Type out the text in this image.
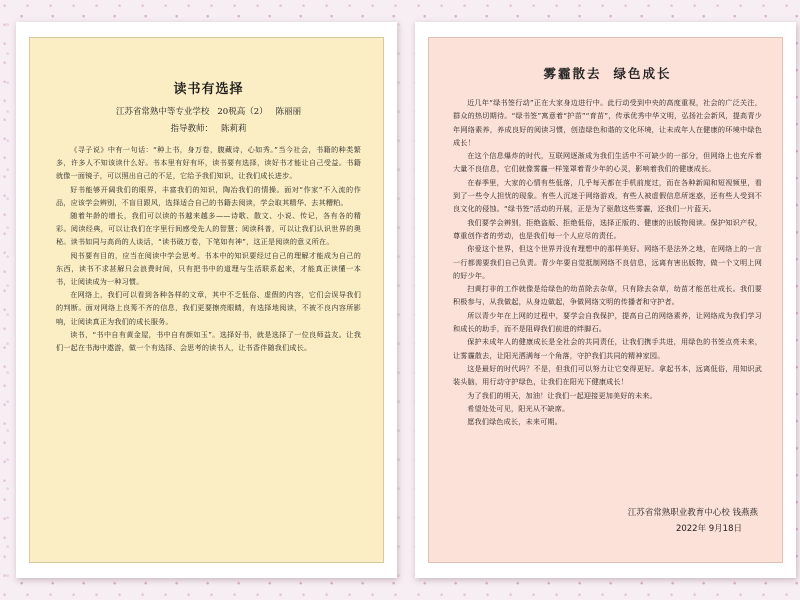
读书有选择
江苏省常熟中等专业学校 20税高（2） 陈丽丽
指导教师： 陈莉莉

《寻子说》中有一句话：“种上书，身万卷，腹藏诗，心如秀。”当今社会，书籍的种类繁多，许多人不知该读什么好。书本里有好有坏，读书要有选择，读好书才能让自己受益。书籍就像一面镜子，可以照出自己的不足，它给予我们知识，让我们成长进步。

好书能够开阔我们的眼界，丰富我们的知识，陶冶我们的情操。面对“作家”不入流的作品，应该学会辨别，不盲目跟风，选择适合自己的书籍去阅读，学会取其精华、去其糟粕。

随着年龄的增长，我们可以读的书越来越多——诗歌、散文、小说、传记，各有各的精彩。阅读经典，可以让我们在字里行间感受先人的智慧；阅读科普，可以让我们认识世界的奥秘。读书如同与高尚的人谈话，“读书破万卷，下笔如有神”，这正是阅读的意义所在。

阅书要有目的，应当在阅读中学会思考。书本中的知识要经过自己的理解才能成为自己的东西，读书不求甚解只会浪费时间，只有把书中的道理与生活联系起来，才能真正读懂一本书，让阅读成为一种习惯。

在网络上，我们可以看到各种各样的文章，其中不乏低俗、虚假的内容，它们会误导我们的判断。面对网络上良莠不齐的信息，我们更要擦亮眼睛，有选择地阅读，不被不良内容所影响，让阅读真正为我们的成长服务。

读书，“书中自有黄金屋，书中自有颜如玉”。选择好书，就是选择了一位良师益友。让我们一起在书海中遨游，做一个有选择、会思考的读书人，让书香伴随我们成长。

雾霾散去 绿色成长

近几年“绿书签行动”正在大家身边进行中。此行动受到中央的高度重视，社会的广泛关注，群众的热切期待。“绿书签”寓意着“护苗”“育苗”，传承优秀中华文明，弘扬社会新风，提高青少年网络素养，养成良好的阅读习惯，创造绿色和谐的文化环境，让未成年人在健康的环境中绿色成长！

在这个信息爆炸的时代，互联网逐渐成为我们生活中不可缺少的一部分，但网络上也充斥着大量不良信息，它们就像雾霾一样笼罩着青少年的心灵，影响着我们的健康成长。

在春季里，大家的心情有些低落，几乎每天都在手机前度过，而在各种新闻和短视频里，看到了一些令人担忧的现象。有些人沉迷于网络游戏，有些人被虚假信息所迷惑，还有些人受到不良文化的侵蚀。“绿书签”活动的开展，正是为了驱散这些雾霾，还我们一片蓝天。

我们要学会辨别，拒绝盗版、拒绝低俗，选择正版的、健康的出版物阅读。保护知识产权，尊重创作者的劳动，也是我们每一个人应尽的责任。

你爱这个世界，但这个世界并没有理想中的那样美好。网络不是法外之地，在网络上的一言一行都需要我们自己负责。青少年要自觉抵制网络不良信息，远离有害出版物，做一个文明上网的好少年。

扫黄打非的工作就像是给绿色的幼苗除去杂草，只有除去杂草，幼苗才能茁壮成长。我们要积极参与，从我做起，从身边做起，争做网络文明的传播者和守护者。

所以青少年在上网的过程中，要学会自我保护，提高自己的网络素养，让网络成为我们学习和成长的助手，而不是阻碍我们前进的绊脚石。

保护未成年人的健康成长是全社会的共同责任，让我们携手共进，用绿色的书签点亮未来，让雾霾散去，让阳光洒满每一个角落，守护我们共同的精神家园。

这是最好的时代吗？不是，但我们可以努力让它变得更好。拿起书本，远离低俗，用知识武装头脑，用行动守护绿色，让我们在阳光下健康成长！

为了我们的明天，加油！让我们一起迎接更加美好的未来。

希望处处可见，阳光从不缺席。

愿我们绿色成长，未来可期。

江苏省常熟职业教育中心校 钱燕燕
2022年 9月18日
